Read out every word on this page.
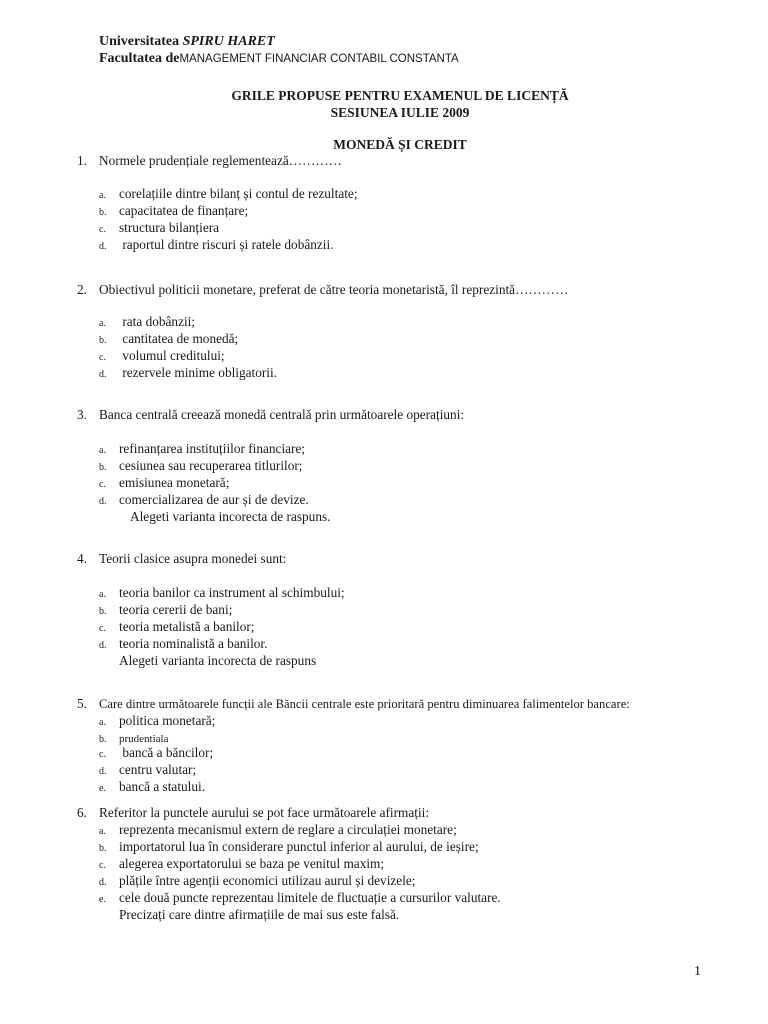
Universitatea SPIRU HARET
Facultatea deMANAGEMENT FINANCIAR CONTABIL CONSTANTA
GRILE PROPUSE PENTRU EXAMENUL DE LICENȚĂ
SESIUNEA IULIE 2009
MONEDĂ ȘI CREDIT
1. Normele prudențiale reglementează…………
a. corelațiile dintre bilanț și contul de rezultate;
b. capacitatea de finanțare;
c. structura bilanțiera
d. raportul dintre riscuri și ratele dobânzii.
2. Obiectivul politicii monetare, preferat de către teoria monetaristă, îl reprezintă…………
a. rata dobânzii;
b. cantitatea de monedă;
c. volumul creditului;
d. rezervele minime obligatorii.
3. Banca centrală creează monedă centrală prin următoarele operațiuni:
a. refinanțarea instituțiilor financiare;
b. cesiunea sau recuperarea titlurilor;
c. emisiunea monetară;
d. comercializarea de aur și de devize.
Alegeti varianta incorecta de raspuns.
4. Teorii clasice asupra monedei sunt:
a. teoria banilor ca instrument al schimbului;
b. teoria cererii de bani;
c. teoria metalistă a banilor;
d. teoria nominalistă a banilor.
Alegeti varianta incorecta de raspuns
5. Care dintre următoarele funcții ale Băncii centrale este prioritară pentru diminuarea falimentelor bancare:
a. politica monetară;
b. prudentiala
c. bancă a băncilor;
d. centru valutar;
e. bancă a statului.
6. Referitor la punctele aurului se pot face următoarele afirmații:
a. reprezenta mecanismul extern de reglare a circulației monetare;
b. importatorul lua în considerare punctul inferior al aurului, de ieșire;
c. alegerea exportatorului se baza pe venitul maxim;
d. plățile între agenții economici utilizau aurul și devizele;
e. cele două puncte reprezentau limitele de fluctuație a cursurilor valutare.
Precizați care dintre afirmațiile de mai sus este falsă.
1
